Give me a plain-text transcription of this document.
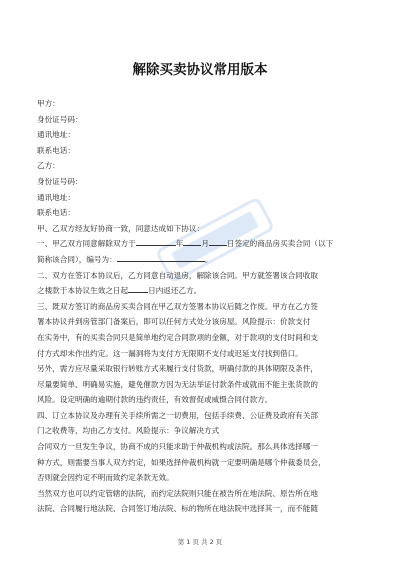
解除买卖协议常用版本
甲方：
身份证号码：
通讯地址：
联系电话：
乙方：
身份证号码：
通讯地址：
联系电话：
甲、乙双方经友好协商一致，同意达成如下协议：
一、甲乙双方同意解除双方于	年 月 日签定的商品房买卖合同（以下
简称该合同），编号为：	。
二、双方在签订本协议后，乙方同意自动退房，解除该合同。甲方就签署该合同收取
之楼款于本协议生效之日起	日内返还乙方。
三、既双方签订的商品房买卖合同在甲乙双方签署本协议后随之作废。甲方在乙方签
署本协议并到房管部门备案后，即可以任何方式处分该房屋。风险提示：价款支付
在实务中，有的买卖合同只是简单地约定合同款项的金额，对于款项的支付时间和支
付方式却未作出约定。这一漏洞将为支付方无限期不支付或迟延支付找到借口。
另外，需方应尽量采取银行转账方式来履行支付货款，明确付款的具体期限及条件，
尽量要简单、明确易实施，避免催款方因为无法举证付款条件或就而不能主张货款的
风险。设定明确的逾期付款的违约责任，有效督促或威慑合同付款方。
四、订立本协议及办理有关手续所需之一切费用，包括手续费、公证费及政府有关部
门之收费等，均由乙方支付。风险提示：争议解决方式
合同双方一旦发生争议，协商不成的只能求助于仲裁机构或法院。那么具体选择哪一
种方式，则需要当事人双方约定，如果选择仲裁机构就一定要明确是哪个仲裁委员会，
否则就会因约定不明而致约定条款无效。
当然双方也可以约定管辖的法院，而约定法院则只能在被告所在地法院、原告所在地
法院、合同履行地法院、合同签订地法院、标的物所在地法院中选择其一，而不能随
第 1 页 共 2 页
